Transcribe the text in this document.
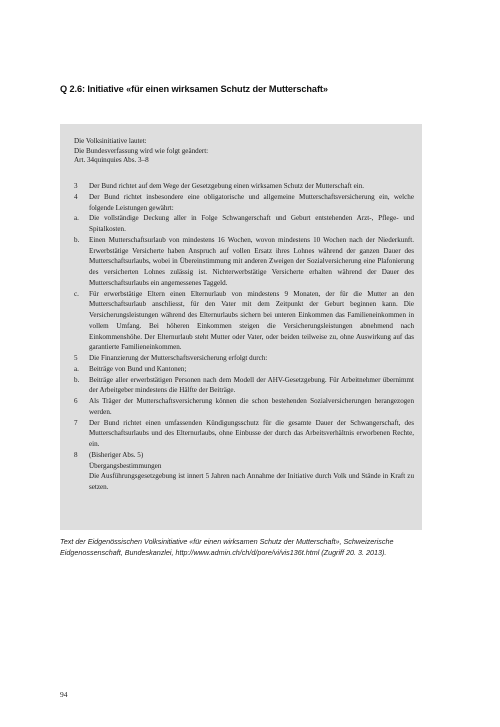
Q 2.6: Initiative «für einen wirksamen Schutz der Mutterschaft»
Die Volksinitiative lautet:
Die Bundesverfassung wird wie folgt geändert:
Art. 34quinquies Abs. 3–8
3	Der Bund richtet auf dem Wege der Gesetzgebung einen wirksamen Schutz der Mutterschaft ein.
4	Der Bund richtet insbesondere eine obligatorische und allgemeine Mutterschaftsversicherung ein, welche folgende Leistungen gewährt:
a.	Die vollständige Deckung aller in Folge Schwangerschaft und Geburt entstehenden Arzt-, Pflege- und Spitalkosten.
b.	Einen Mutterschaftsurlaub von mindestens 16 Wochen, wovon mindestens 10 Wochen nach der Niederkunft. Erwerbstätige Versicherte haben Anspruch auf vollen Ersatz ihres Lohnes während der ganzen Dauer des Mutterschaftsurlaubs, wobei in Übereinstimmung mit anderen Zweigen der Sozialversicherung eine Plafonierung des versicherten Lohnes zulässig ist. Nichterwerbstätige Versicherte erhalten während der Dauer des Mutterschaftsurlaubs ein angemessenes Taggeld.
c.	Für erwerbstätige Eltern einen Elternurlaub von mindestens 9 Monaten, der für die Mutter an den Mutterschaftsurlaub anschliesst, für den Vater mit dem Zeitpunkt der Geburt beginnen kann. Die Versicherungsleistungen während des Elternurlaubs sichern bei unteren Einkommen das Familieneinkommen in vollem Umfang. Bei höheren Einkommen steigen die Versicherungsleistungen abnehmend nach Einkommenshöhe. Der Elternurlaub steht Mutter oder Vater, oder beiden teilweise zu, ohne Auswirkung auf das garantierte Familieneinkommen.
5	Die Finanzierung der Mutterschaftsversicherung erfolgt durch:
a.	Beiträge von Bund und Kantonen;
b.	Beiträge aller erwerbstätigen Personen nach dem Modell der AHV-Gesetzgebung. Für Arbeitnehmer übernimmt der Arbeitgeber mindestens die Hälfte der Beiträge.
6	Als Träger der Mutterschaftsversicherung können die schon bestehenden Sozialversicherungen herangezogen werden.
7	Der Bund richtet einen umfassenden Kündigungsschutz für die gesamte Dauer der Schwangerschaft, des Mutterschaftsurlaubs und des Elternurlaubs, ohne Einbusse der durch das Arbeitsverhältnis erworbenen Rechte, ein.
8	(Bisheriger Abs. 5)
Übergangsbestimmungen
Die Ausführungsgesetzgebung ist innert 5 Jahren nach Annahme der Initiative durch Volk und Stände in Kraft zu setzen.
Text der Eidgenössischen Volksinitiative «für einen wirksamen Schutz der Mutterschaft», Schweizerische Eidgenossenschaft, Bundeskanzlei, http://www.admin.ch/ch/d/pore/vi/vis136t.html (Zugriff 20. 3. 2013).
94
